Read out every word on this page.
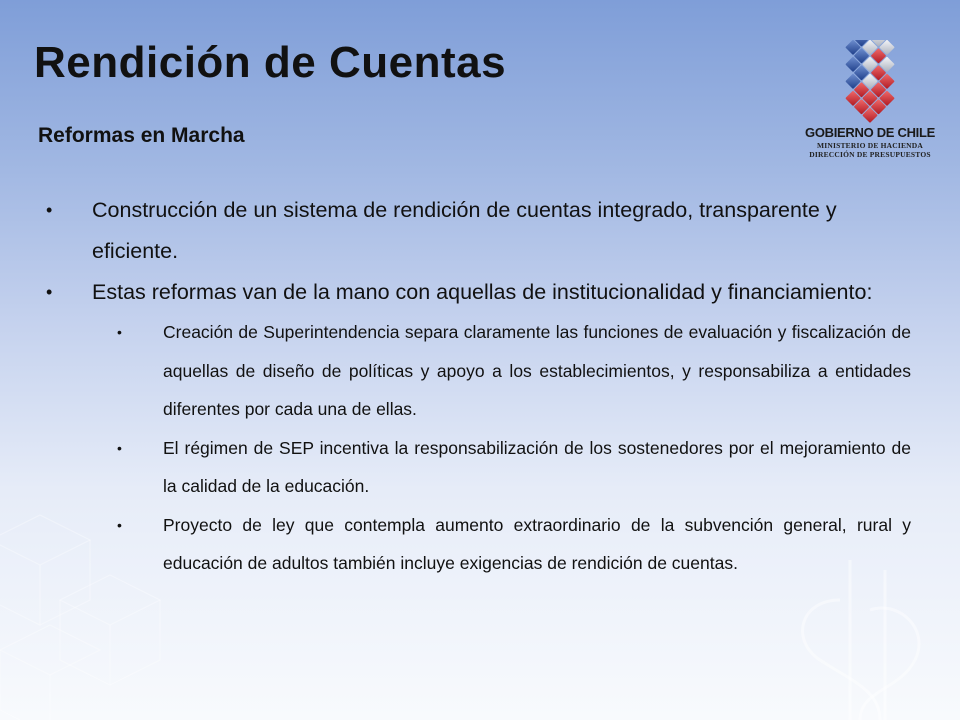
Rendición de Cuentas
Reformas en Marcha	GOBIERNO DE CHILE
MINISTERIO DE HACIENDA
DIRECCIÓN DE PRESUPUESTOS
• Construcción de un sistema de rendición de cuentas integrado, transparente y eficiente.
• Estas reformas van de la mano con aquellas de institucionalidad y financiamiento:
• Creación de Superintendencia separa claramente las funciones de evaluación y fiscalización de aquellas de diseño de políticas y apoyo a los establecimientos, y responsabiliza a entidades diferentes por cada una de ellas.
• El régimen de SEP incentiva la responsabilización de los sostenedores por el mejoramiento de la calidad de la educación.
• Proyecto de ley que contempla aumento extraordinario de la subvención general, rural y educación de adultos también incluye exigencias de rendición de cuentas.
